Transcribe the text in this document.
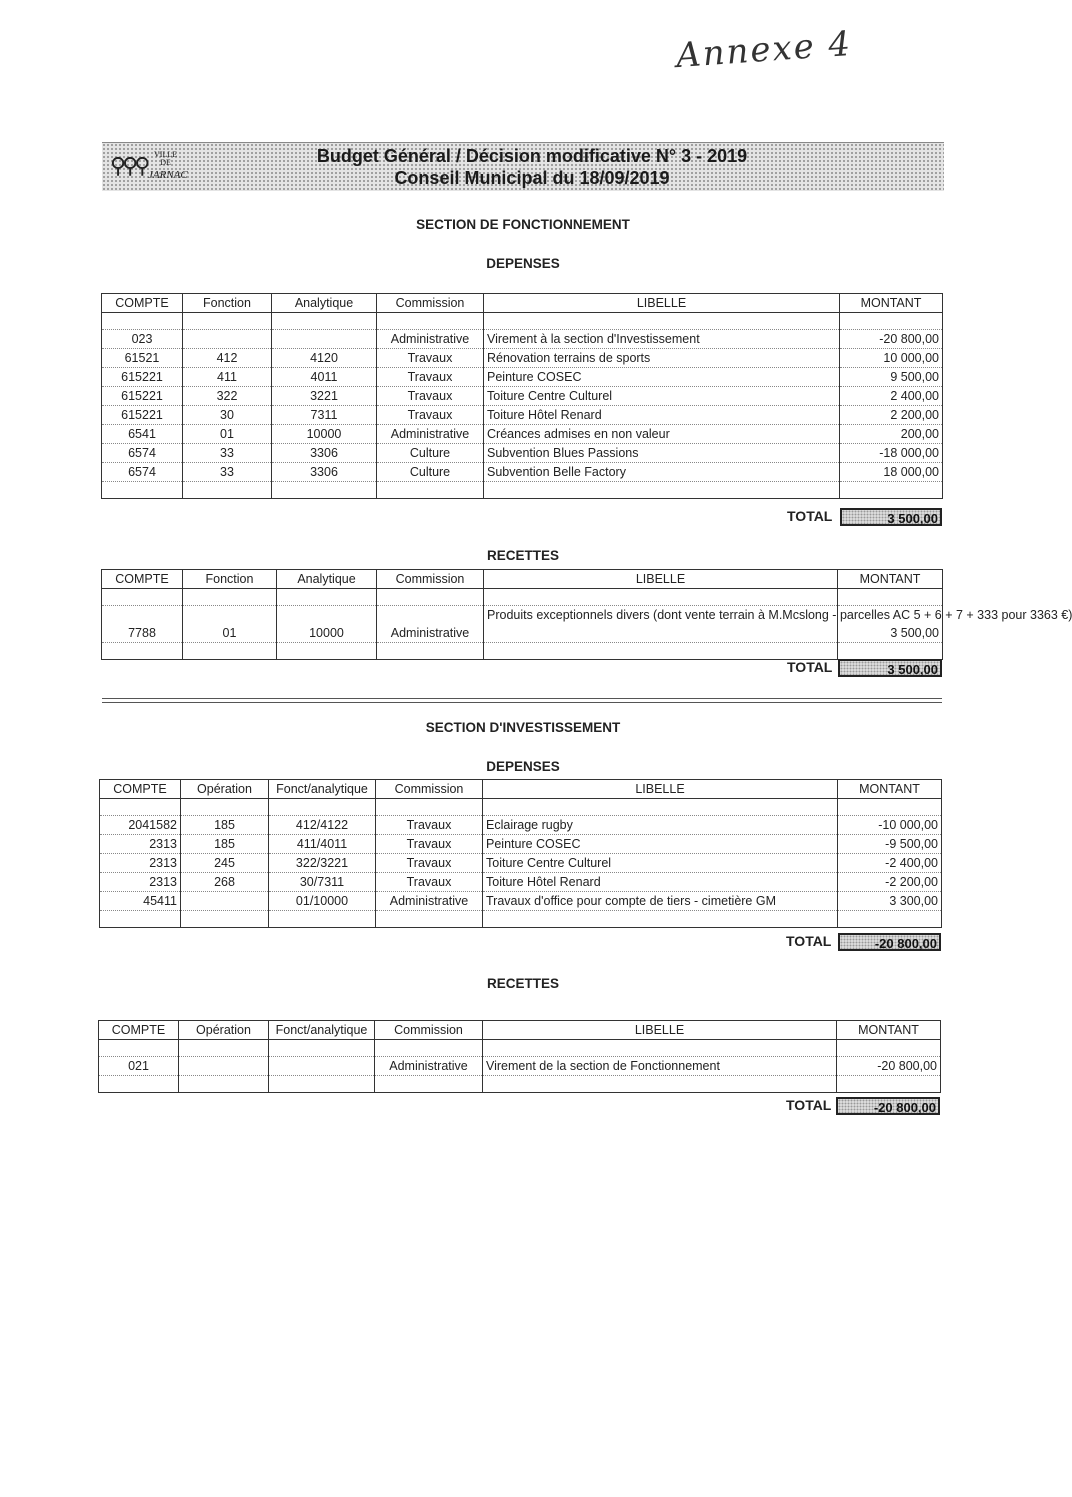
Annexe 4
⚲⚲⚲ VILLE
DE
JARNAC
Budget Général / Décision modificative N° 3 - 2019
Conseil Municipal du 18/09/2019
SECTION DE FONCTIONNEMENT
DEPENSES
COMPTE	Fonction	Analytique	Commission	LIBELLE	MONTANT

023			Administrative	Virement à la section d'Investissement	-20 800,00
61521	412	4120	Travaux	Rénovation terrains de sports	10 000,00
615221	411	4011	Travaux	Peinture COSEC	9 500,00
615221	322	3221	Travaux	Toiture Centre Culturel	2 400,00
615221	30	7311	Travaux	Toiture Hôtel Renard	2 200,00
6541	01	10000	Administrative	Créances admises en non valeur	200,00
6574	33	3306	Culture	Subvention Blues Passions	-18 000,00
6574	33	3306	Culture	Subvention Belle Factory	18 000,00

TOTAL	3 500,00
RECETTES
COMPTE	Fonction	Analytique	Commission	LIBELLE	MONTANT

7788	01	10000	Administrative	Produits exceptionnels divers (dont vente terrain à M.Mcslong - parcelles AC 5 + 6 + 7 + 333 pour 3363 €)	3 500,00

TOTAL	3 500,00
SECTION D'INVESTISSEMENT
DEPENSES
COMPTE	Opération	Fonct/analytique	Commission	LIBELLE	MONTANT

2041582	185	412/4122	Travaux	Eclairage rugby	-10 000,00
2313	185	411/4011	Travaux	Peinture COSEC	-9 500,00
2313	245	322/3221	Travaux	Toiture Centre Culturel	-2 400,00
2313	268	30/7311	Travaux	Toiture Hôtel Renard	-2 200,00
45411		01/10000	Administrative	Travaux d'office pour compte de tiers - cimetière GM	3 300,00

TOTAL	-20 800,00
RECETTES
COMPTE	Opération	Fonct/analytique	Commission	LIBELLE	MONTANT

021			Administrative	Virement de la section de Fonctionnement	-20 800,00

TOTAL	-20 800,00
